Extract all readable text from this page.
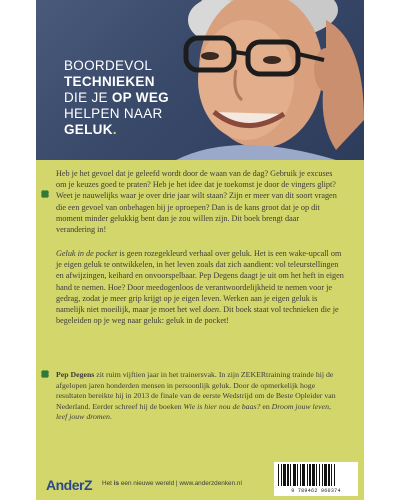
BOORDEVOL
TECHNIEKEN
DIE JE OP WEG
HELPEN NAAR
GELUK.

Heb je het gevoel dat je geleefd wordt door de waan van de dag? Gebruik je excuses om je keuzes goed te praten? Heb je het idee dat je toekomst je door de vingers glipt? Weet je nauwelijks waar je over drie jaar wilt staan? Zijn er meer van dit soort vragen die een gevoel van onbehagen bij je oproepen? Dan is de kans groot dat je op dit moment minder gelukkig bent dan je zou willen zijn. Dit boek brengt daar verandering in!

Geluk in de pocket is geen rozegekleurd verhaal over geluk. Het is een wake-upcall om je eigen geluk te ontwikkelen, in het leven zoals dat zich aandient: vol teleurstellingen en afwijzingen, keihard en onvoorspelbaar. Pep Degens daagt je uit om het heft in eigen hand te nemen. Hoe? Door meedogenloos de verantwoordelijkheid te nemen voor je gedrag, zodat je meer grip krijgt op je eigen leven. Werken aan je eigen geluk is namelijk niet moeilijk, maar je moet het wel doen. Dit boek staat vol technieken die je begeleiden op je weg naar geluk: geluk in de pocket!

Pep Degens zit ruim vijftien jaar in het trainersvak. In zijn ZEKERtraining trainde hij de afgelopen jaren honderden mensen in persoonlijk geluk. Door de opmerkelijk hoge resultaten bereikte hij in 2013 de finale van de eerste Wedstrijd om de Beste Opleider van Nederland. Eerder schreef hij de boeken Wie is hier nou de baas? en Droom jouw leven, leef jouw dromen.

AnderZ Het is een nieuwe wereld | www.anderzdenken.nl
9 789462 960374
